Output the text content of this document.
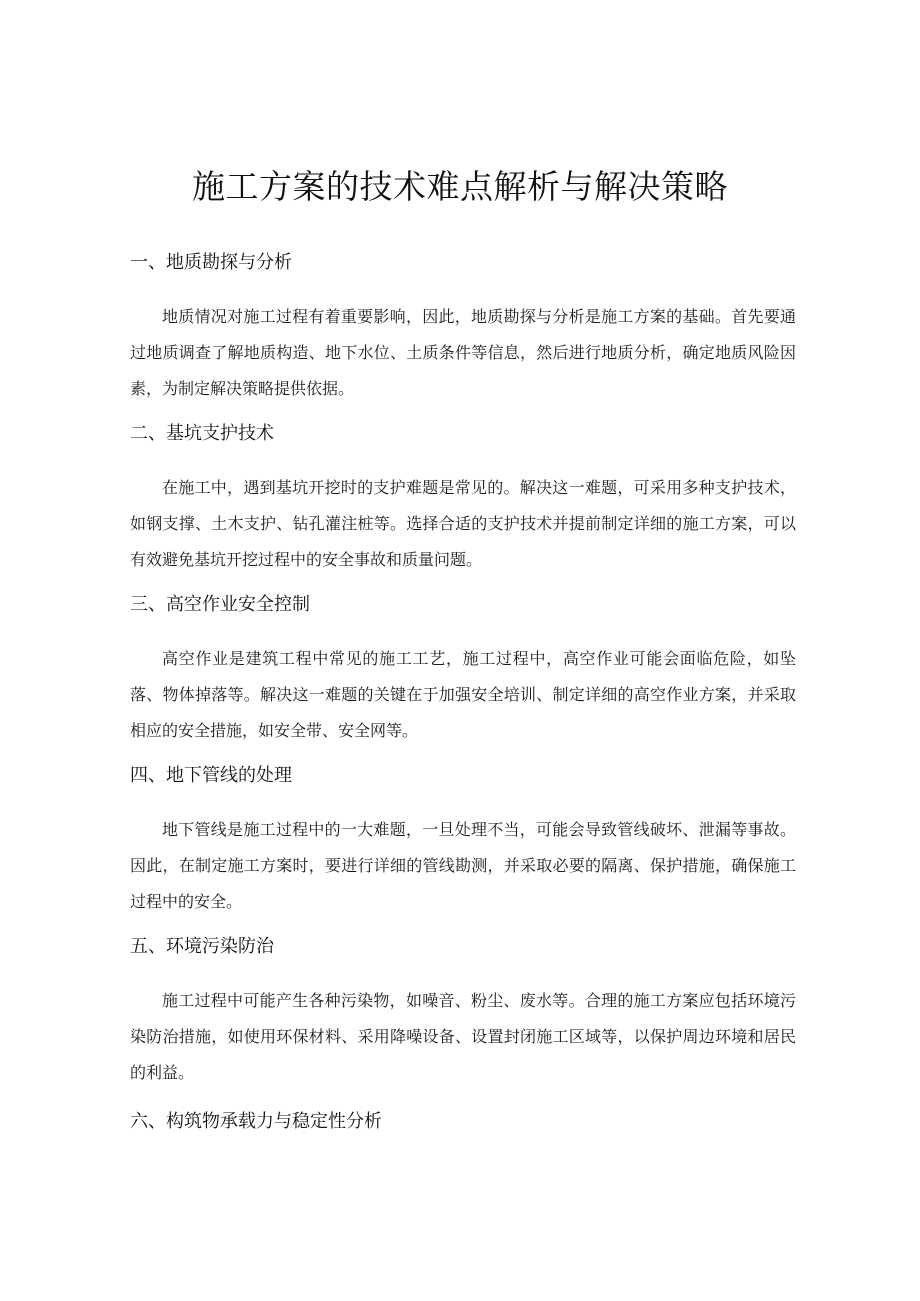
施工方案的技术难点解析与解决策略
一、地质勘探与分析

地质情况对施工过程有着重要影响，因此，地质勘探与分析是施工方案的基础。首先要通过地质调查了解地质构造、地下水位、土质条件等信息，然后进行地质分析，确定地质风险因素，为制定解决策略提供依据。

二、基坑支护技术

在施工中，遇到基坑开挖时的支护难题是常见的。解决这一难题，可采用多种支护技术，如钢支撑、土木支护、钻孔灌注桩等。选择合适的支护技术并提前制定详细的施工方案，可以有效避免基坑开挖过程中的安全事故和质量问题。

三、高空作业安全控制

高空作业是建筑工程中常见的施工工艺，施工过程中，高空作业可能会面临危险，如坠落、物体掉落等。解决这一难题的关键在于加强安全培训、制定详细的高空作业方案，并采取相应的安全措施，如安全带、安全网等。

四、地下管线的处理

地下管线是施工过程中的一大难题，一旦处理不当，可能会导致管线破坏、泄漏等事故。因此，在制定施工方案时，要进行详细的管线勘测，并采取必要的隔离、保护措施，确保施工过程中的安全。

五、环境污染防治

施工过程中可能产生各种污染物，如噪音、粉尘、废水等。合理的施工方案应包括环境污染防治措施，如使用环保材料、采用降噪设备、设置封闭施工区域等，以保护周边环境和居民的利益。

六、构筑物承载力与稳定性分析
